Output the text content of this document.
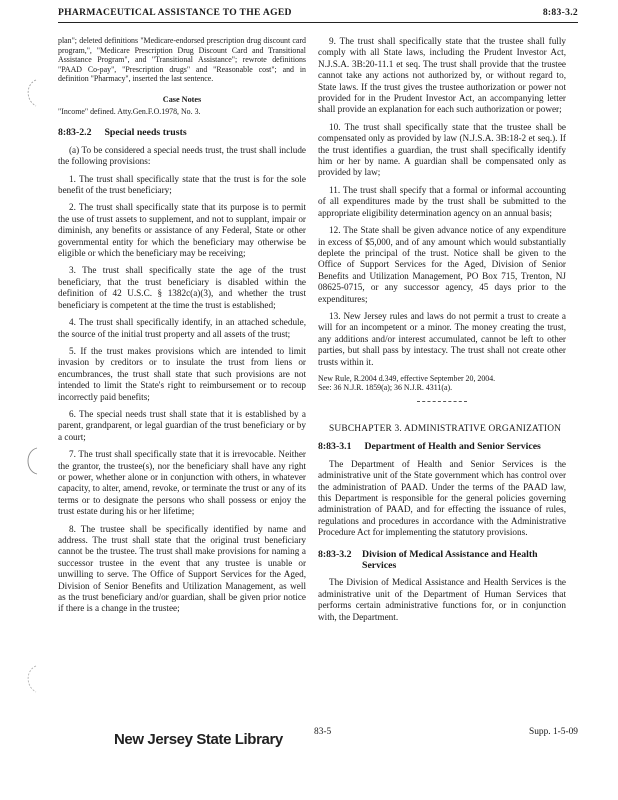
PHARMACEUTICAL ASSISTANCE TO THE AGED	8:83-3.2

plan"; deleted definitions "Medicare-endorsed prescription drug discount card program,", "Medicare Prescription Drug Discount Card and Transitional Assistance Program", and "Transitional Assistance"; rewrote definitions "PAAD Co-pay", "Prescription drugs" and "Reasonable cost"; and in definition "Pharmacy", inserted the last sentence.

Case Notes

"Income" defined. Atty.Gen.F.O.1978, No. 3.

8:83-2.2 Special needs trusts

(a) To be considered a special needs trust, the trust shall include the following provisions:

1. The trust shall specifically state that the trust is for the sole benefit of the trust beneficiary;

2. The trust shall specifically state that its purpose is to permit the use of trust assets to supplement, and not to supplant, impair or diminish, any benefits or assistance of any Federal, State or other governmental entity for which the beneficiary may otherwise be eligible or which the beneficiary may be receiving;

3. The trust shall specifically state the age of the trust beneficiary, that the trust beneficiary is disabled within the definition of 42 U.S.C. § 1382c(a)(3), and whether the trust beneficiary is competent at the time the trust is established;

4. The trust shall specifically identify, in an attached schedule, the source of the initial trust property and all assets of the trust;

5. If the trust makes provisions which are intended to limit invasion by creditors or to insulate the trust from liens or encumbrances, the trust shall state that such provisions are not intended to limit the State's right to reimbursement or to recoup incorrectly paid benefits;

6. The special needs trust shall state that it is established by a parent, grandparent, or legal guardian of the trust beneficiary or by a court;

7. The trust shall specifically state that it is irrevocable. Neither the grantor, the trustee(s), nor the beneficiary shall have any right or power, whether alone or in conjunction with others, in whatever capacity, to alter, amend, revoke, or terminate the trust or any of its terms or to designate the persons who shall possess or enjoy the trust estate during his or her lifetime;

8. The trustee shall be specifically identified by name and address. The trust shall state that the original trust beneficiary cannot be the trustee. The trust shall make provisions for naming a successor trustee in the event that any trustee is unable or unwilling to serve. The Office of Support Services for the Aged, Division of Senior Benefits and Utilization Management, as well as the trust beneficiary and/or guardian, shall be given prior notice if there is a change in the trustee;

9. The trust shall specifically state that the trustee shall fully comply with all State laws, including the Prudent Investor Act, N.J.S.A. 3B:20-11.1 et seq. The trust shall provide that the trustee cannot take any actions not authorized by, or without regard to, State laws. If the trust gives the trustee authorization or power not provided for in the Prudent Investor Act, an accompanying letter shall provide an explanation for each such authorization or power;

10. The trust shall specifically state that the trustee shall be compensated only as provided by law (N.J.S.A. 3B:18-2 et seq.). If the trust identifies a guardian, the trust shall specifically identify him or her by name. A guardian shall be compensated only as provided by law;

11. The trust shall specify that a formal or informal accounting of all expenditures made by the trust shall be submitted to the appropriate eligibility determination agency on an annual basis;

12. The State shall be given advance notice of any expenditure in excess of $5,000, and of any amount which would substantially deplete the principal of the trust. Notice shall be given to the Office of Support Services for the Aged, Division of Senior Benefits and Utilization Management, PO Box 715, Trenton, NJ 08625-0715, or any successor agency, 45 days prior to the expenditures;

13. New Jersey rules and laws do not permit a trust to create a will for an incompetent or a minor. The money creating the trust, any additions and/or interest accumulated, cannot be left to other parties, but shall pass by intestacy. The trust shall not create other trusts within it.

New Rule, R.2004 d.349, effective September 20, 2004.
See: 36 N.J.R. 1859(a); 36 N.J.R. 4311(a).

SUBCHAPTER 3. ADMINISTRATIVE ORGANIZATION

8:83-3.1 Department of Health and Senior Services

The Department of Health and Senior Services is the administrative unit of the State government which has control over the administration of PAAD. Under the terms of the PAAD law, this Department is responsible for the general policies governing administration of PAAD, and for effecting the issuance of rules, regulations and procedures in accordance with the Administrative Procedure Act for implementing the statutory provisions.

8:83-3.2	Division of Medical Assistance and Health Services

The Division of Medical Assistance and Health Services is the administrative unit of the Department of Human Services that performs certain administrative functions for, or in conjunction with, the Department.

New Jersey State Library	83-5	Supp. 1-5-09
